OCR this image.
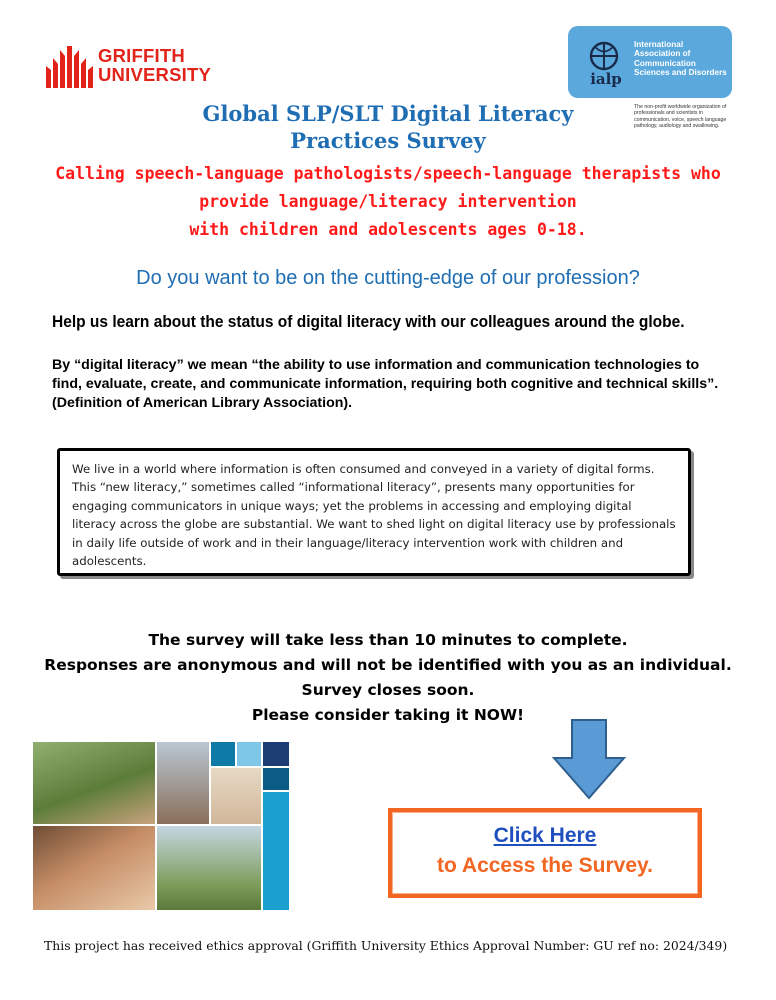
GRIFFITH
UNIVERSITY	ialp
International Association of Communication Sciences and Disorders
The non-profit worldwide organization of professionals and scientists in communication, voice, speech language pathology, audiology and swallowing.
Global SLP/SLT Digital Literacy
Practices Survey
Calling speech-language pathologists/speech-language therapists who
provide language/literacy intervention
with children and adolescents ages 0-18.
Do you want to be on the cutting-edge of our profession?
Help us learn about the status of digital literacy with our colleagues around the globe.
By “digital literacy” we mean “the ability to use information and communication technologies to find, evaluate, create, and communicate information, requiring both cognitive and technical skills”. (Definition of American Library Association).
We live in a world where information is often consumed and conveyed in a variety of digital forms. This “new literacy,” sometimes called “informational literacy”, presents many opportunities for engaging communicators in unique ways; yet the problems in accessing and employing digital literacy across the globe are substantial. We want to shed light on digital literacy use by professionals in daily life outside of work and in their language/literacy intervention work with children and adolescents.
The survey will take less than 10 minutes to complete.
Responses are anonymous and will not be identified with you as an individual.
Survey closes soon.
Please consider taking it NOW!
Click Here
to Access the Survey.
This project has received ethics approval (Griffith University Ethics Approval Number: GU ref no: 2024/349)
